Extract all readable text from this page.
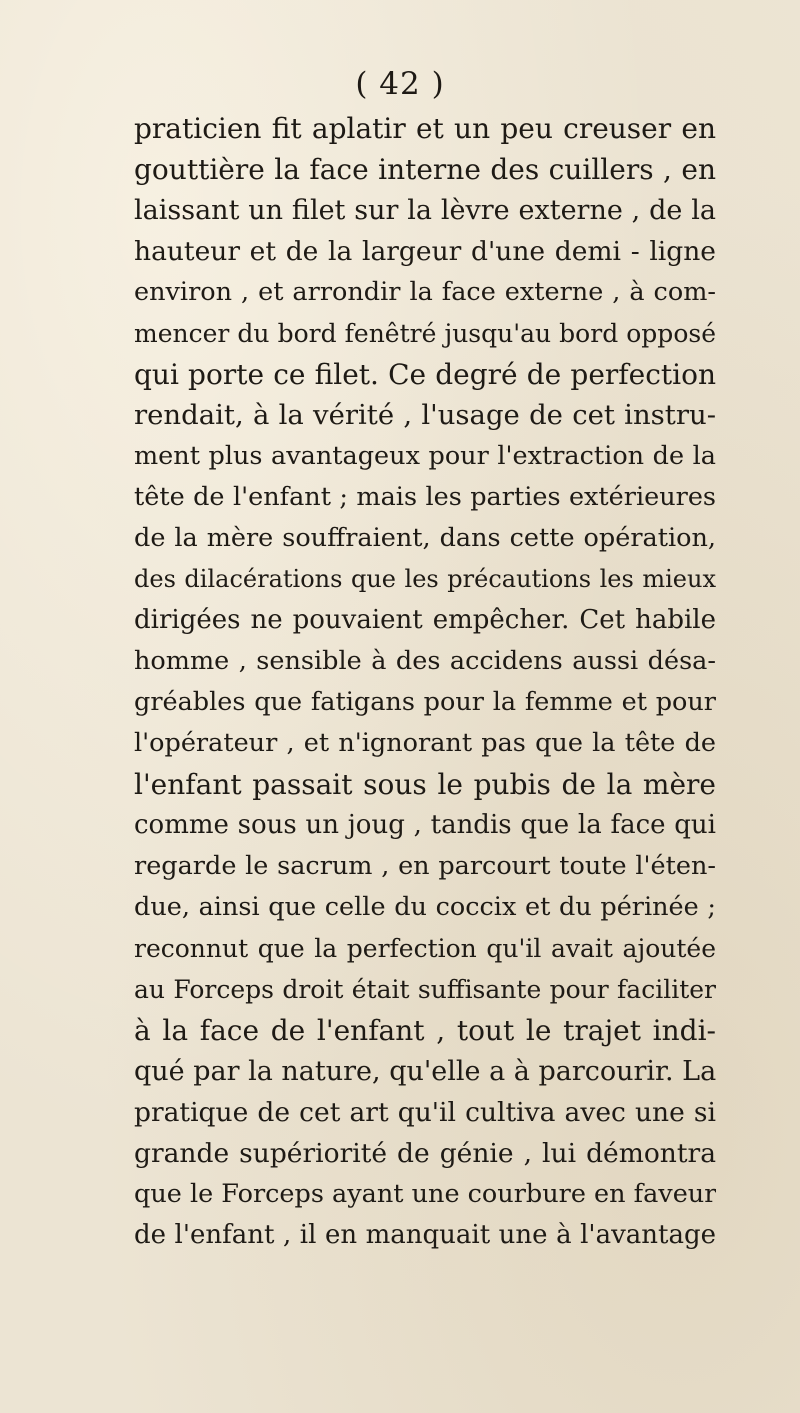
( 42 )
praticien fit aplatir et un peu creuser en
gouttière la face interne des cuillers , en
laissant un filet sur la lèvre externe , de la
hauteur et de la largeur d'une demi - ligne
environ , et arrondir la face externe , à com-
mencer du bord fenêtré jusqu'au bord opposé
qui porte ce filet. Ce degré de perfection
rendait, à la vérité , l'usage de cet instru-
ment plus avantageux pour l'extraction de la
tête de l'enfant ; mais les parties extérieures
de la mère souffraient, dans cette opération,
des dilacérations que les précautions les mieux
dirigées ne pouvaient empêcher. Cet habile
homme , sensible à des accidens aussi désa-
gréables que fatigans pour la femme et pour
l'opérateur , et n'ignorant pas que la tête de
l'enfant passait sous le pubis de la mère
comme sous un joug , tandis que la face qui
regarde le sacrum , en parcourt toute l'éten-
due, ainsi que celle du coccix et du périnée ;
reconnut que la perfection qu'il avait ajoutée
au Forceps droit était suffisante pour faciliter
à la face de l'enfant , tout le trajet indi-
qué par la nature, qu'elle a à parcourir. La
pratique de cet art qu'il cultiva avec une si
grande supériorité de génie , lui démontra
que le Forceps ayant une courbure en faveur
de l'enfant , il en manquait une à l'avantage
